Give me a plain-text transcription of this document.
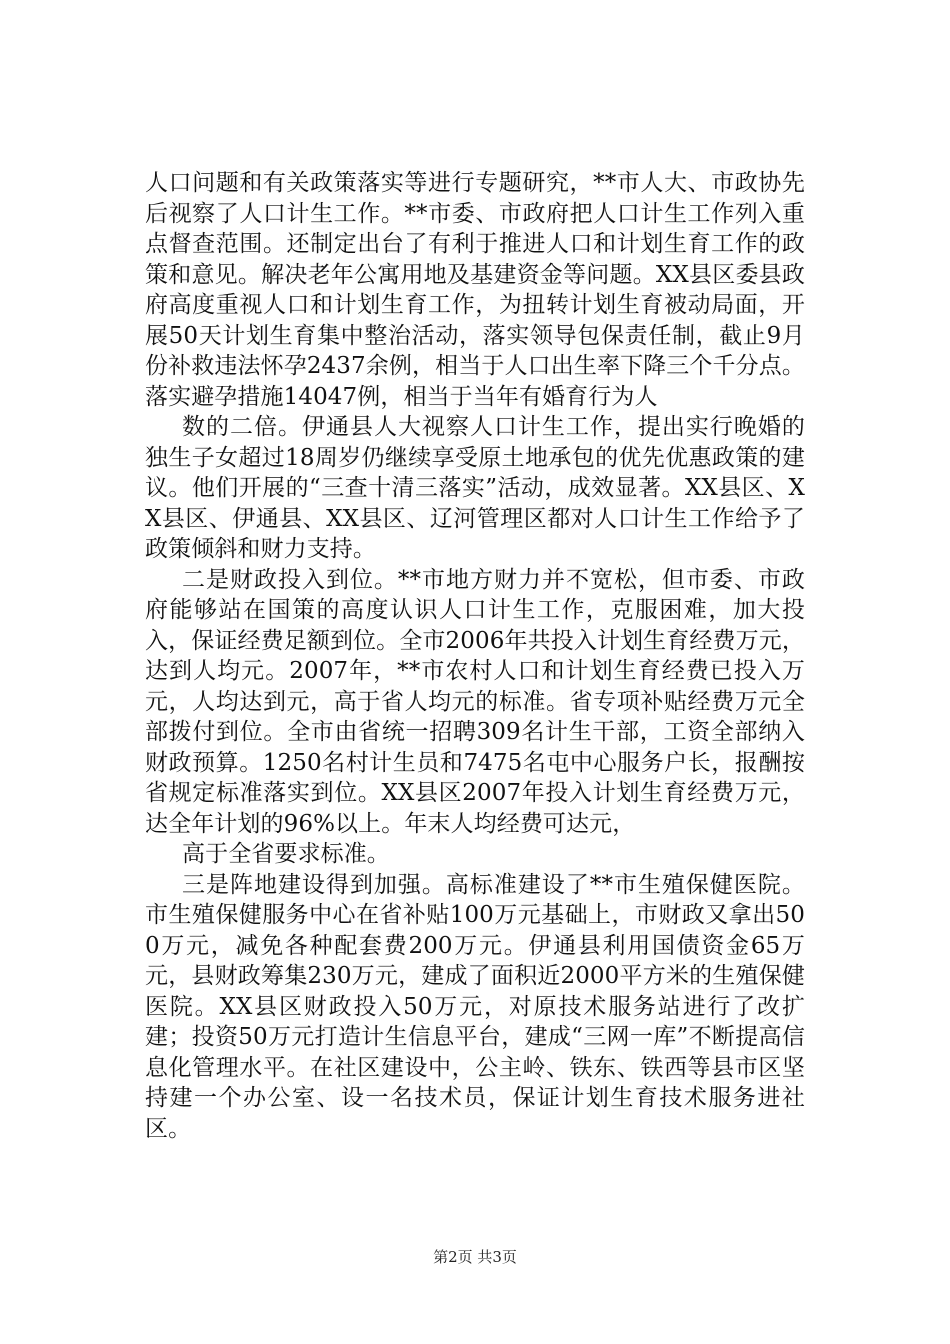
人口问题和有关政策落实等进行专题研究，**市人大、市政协先后视察了人口计生工作。**市委、市政府把人口计生工作列入重点督查范围。还制定出台了有利于推进人口和计划生育工作的政策和意见。解决老年公寓用地及基建资金等问题。XX县区委县政府高度重视人口和计划生育工作，为扭转计划生育被动局面，开展50天计划生育集中整治活动，落实领导包保责任制，截止9月份补救违法怀孕2437余例，相当于人口出生率下降三个千分点。落实避孕措施14047例，相当于当年有婚育行为人

数的二倍。伊通县人大视察人口计生工作，提出实行晚婚的独生子女超过18周岁仍继续享受原土地承包的优先优惠政策的建议。他们开展的“三查十清三落实”活动，成效显著。XX县区、XX县区、伊通县、XX县区、辽河管理区都对人口计生工作给予了政策倾斜和财力支持。

二是财政投入到位。**市地方财力并不宽松，但市委、市政府能够站在国策的高度认识人口计生工作，克服困难，加大投入，保证经费足额到位。全市2006年共投入计划生育经费万元，达到人均元。2007年，**市农村人口和计划生育经费已投入万元，人均达到元，高于省人均元的标准。省专项补贴经费万元全部拨付到位。全市由省统一招聘309名计生干部，工资全部纳入财政预算。1250名村计生员和7475名屯中心服务户长，报酬按省规定标准落实到位。XX县区2007年投入计划生育经费万元，达全年计划的96%以上。年末人均经费可达元，

高于全省要求标准。

三是阵地建设得到加强。高标准建设了**市生殖保健医院。市生殖保健服务中心在省补贴100万元基础上，市财政又拿出500万元，减免各种配套费200万元。伊通县利用国债资金65万元，县财政筹集230万元，建成了面积近2000平方米的生殖保健医院。XX县区财政投入50万元，对原技术服务站进行了改扩建；投资50万元打造计生信息平台，建成“三网一库”不断提高信息化管理水平。在社区建设中，公主岭、铁东、铁西等县市区坚持建一个办公室、设一名技术员，保证计划生育技术服务进社区。

第2页 共3页
